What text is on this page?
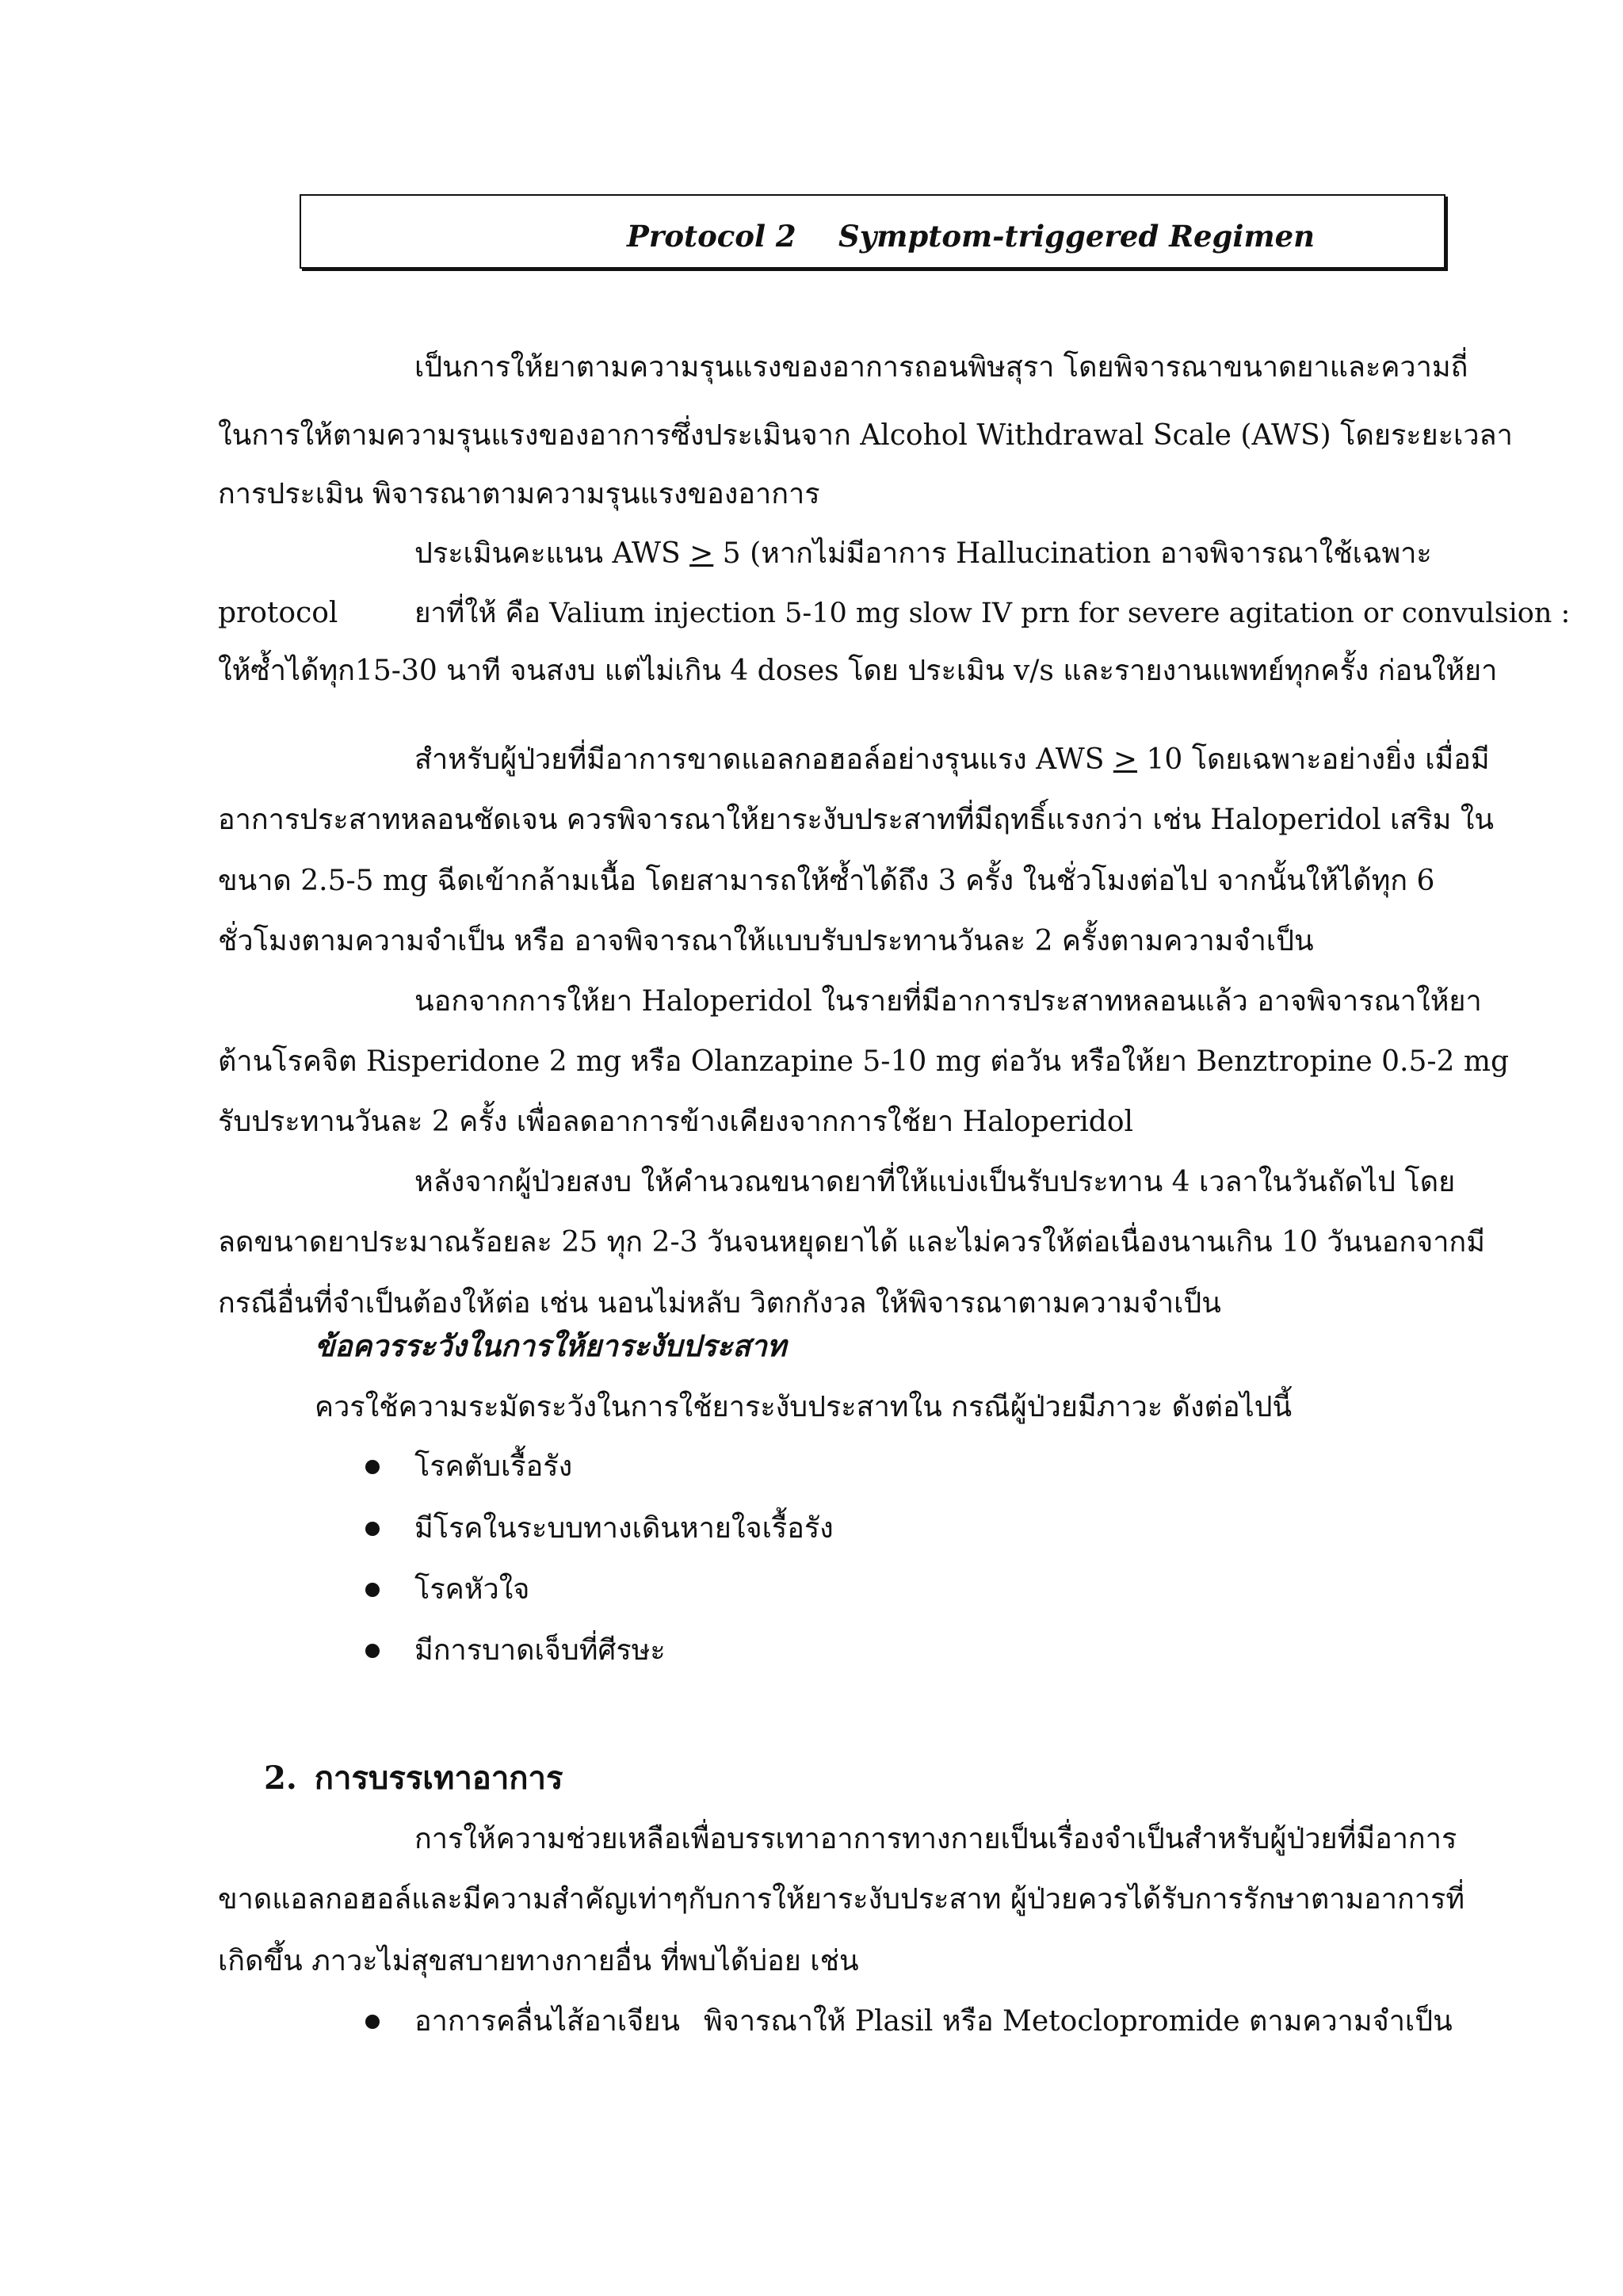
Protocol 2 Symptom-triggered Regimen

เป็นการให้ยาตามความรุนแรงของอาการถอนพิษสุรา โดยพิจารณาขนาดยาและความถี่

ในการให้ตามความรุนแรงของอาการซึ่งประเมินจาก Alcohol Withdrawal Scale (AWS) โดยระยะเวลา

การประเมิน พิจารณาตามความรุนแรงของอาการ

ประเมินคะแนน AWS ≥ 5 (หากไม่มีอาการ Hallucination อาจพิจารณาใช้เฉพาะ

protocol	ยาที่ให้ คือ Valium injection 5-10 mg slow IV prn for severe agitation or convulsion :

ให้ซ้ำได้ทุก15-30 นาที จนสงบ แต่ไม่เกิน 4 doses โดย ประเมิน v/s และรายงานแพทย์ทุกครั้ง ก่อนให้ยา

สำหรับผู้ป่วยที่มีอาการขาดแอลกอฮอล์อย่างรุนแรง AWS ≥ 10 โดยเฉพาะอย่างยิ่ง เมื่อมี

อาการประสาทหลอนชัดเจน ควรพิจารณาให้ยาระงับประสาทที่มีฤทธิ์แรงกว่า เช่น Haloperidol เสริม ใน

ขนาด 2.5-5 mg ฉีดเข้ากล้ามเนื้อ โดยสามารถให้ซ้ำได้ถึง 3 ครั้ง ในชั่วโมงต่อไป จากนั้นให้ได้ทุก 6

ชั่วโมงตามความจำเป็น หรือ อาจพิจารณาให้แบบรับประทานวันละ 2 ครั้งตามความจำเป็น

นอกจากการให้ยา Haloperidol ในรายที่มีอาการประสาทหลอนแล้ว อาจพิจารณาให้ยา

ต้านโรคจิต Risperidone 2 mg หรือ Olanzapine 5-10 mg ต่อวัน หรือให้ยา Benztropine 0.5-2 mg

รับประทานวันละ 2 ครั้ง เพื่อลดอาการข้างเคียงจากการใช้ยา Haloperidol

หลังจากผู้ป่วยสงบ ให้คำนวณขนาดยาที่ให้แบ่งเป็นรับประทาน 4 เวลาในวันถัดไป โดย

ลดขนาดยาประมาณร้อยละ 25 ทุก 2-3 วันจนหยุดยาได้ และไม่ควรให้ต่อเนื่องนานเกิน 10 วันนอกจากมี

กรณีอื่นที่จำเป็นต้องให้ต่อ เช่น นอนไม่หลับ วิตกกังวล ให้พิจารณาตามความจำเป็น

ข้อควรระวังในการให้ยาระงับประสาท

ควรใช้ความระมัดระวังในการใช้ยาระงับประสาทใน กรณีผู้ป่วยมีภาวะ ดังต่อไปนี้

โรคตับเรื้อรัง

มีโรคในระบบทางเดินหายใจเรื้อรัง

โรคหัวใจ

มีการบาดเจ็บที่ศีรษะ

2. การบรรเทาอาการ

การให้ความช่วยเหลือเพื่อบรรเทาอาการทางกายเป็นเรื่องจำเป็นสำหรับผู้ป่วยที่มีอาการ

ขาดแอลกอฮอล์และมีความสำคัญเท่าๆกับการให้ยาระงับประสาท ผู้ป่วยควรได้รับการรักษาตามอาการที่

เกิดขึ้น ภาวะไม่สุขสบายทางกายอื่น ที่พบได้บ่อย เช่น

อาการคลื่นไส้อาเจียน พิจารณาให้ Plasil หรือ Metoclopromide ตามความจำเป็น
